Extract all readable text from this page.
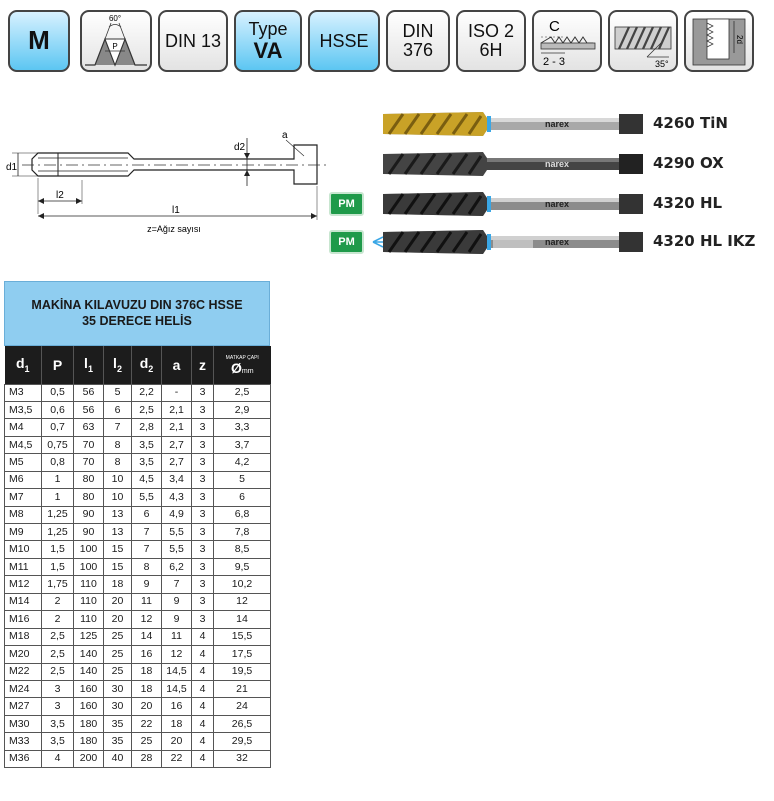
M
60°
P	DIN 13
Type
VA HSSE DIN
376
ISO 2
6H
C
2 - 3	35°
2d
d1
d2
a
l2
l1
z=Ağız sayısı
narex	4260 TiN
narex	4290 OX
PM	narex	4320 HL
PM	narex	4320 HL IKZ
MAKİNA KILAVUZU DIN 376C HSSE
35 DERECE HELİS
$d_1$	P	$l_1$	$l_2$	$d_2$	a	z	MATKAP ÇAPI
Ømm

M3	0,5	56	5	2,2	-	3	2,5
M3,5	0,6	56	6	2,5	2,1	3	2,9
M4	0,7	63	7	2,8	2,1	3	3,3
M4,5	0,75	70	8	3,5	2,7	3	3,7
M5	0,8	70	8	3,5	2,7	3	4,2
M6	1	80	10	4,5	3,4	3	5
M7	1	80	10	5,5	4,3	3	6
M8	1,25	90	13	6	4,9	3	6,8
M9	1,25	90	13	7	5,5	3	7,8
M10	1,5	100	15	7	5,5	3	8,5
M11	1,5	100	15	8	6,2	3	9,5
M12	1,75	110	18	9	7	3	10,2
M14	2	110	20	11	9	3	12
M16	2	110	20	12	9	3	14
M18	2,5	125	25	14	11	4	15,5
M20	2,5	140	25	16	12	4	17,5
M22	2,5	140	25	18	14,5	4	19,5
M24	3	160	30	18	14,5	4	21
M27	3	160	30	20	16	4	24
M30	3,5	180	35	22	18	4	26,5
M33	3,5	180	35	25	20	4	29,5
M36	4	200	40	28	22	4	32
